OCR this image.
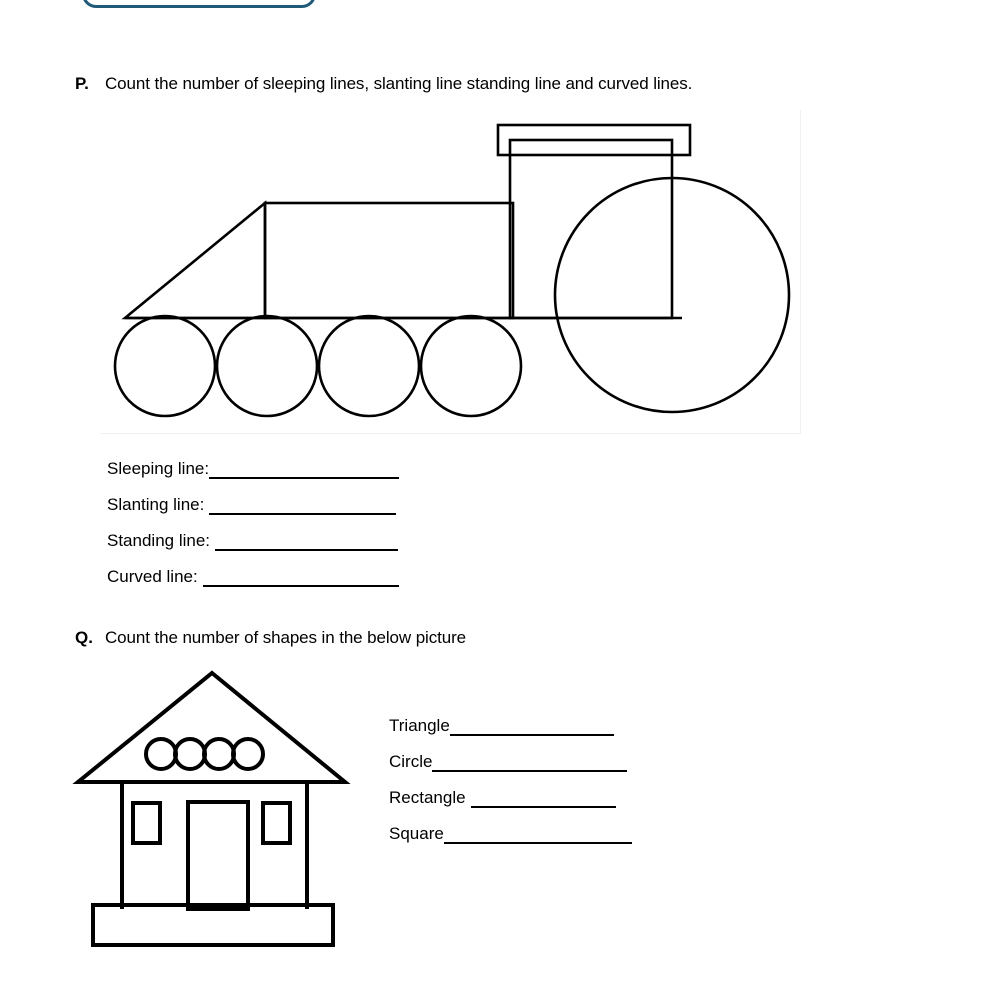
P. Count the number of sleeping lines, slanting line standing line and curved lines.
Sleeping line:
Slanting line:
Standing line:
Curved line:
Q. Count the number of shapes in the below picture
Triangle
Circle
Rectangle
Square
